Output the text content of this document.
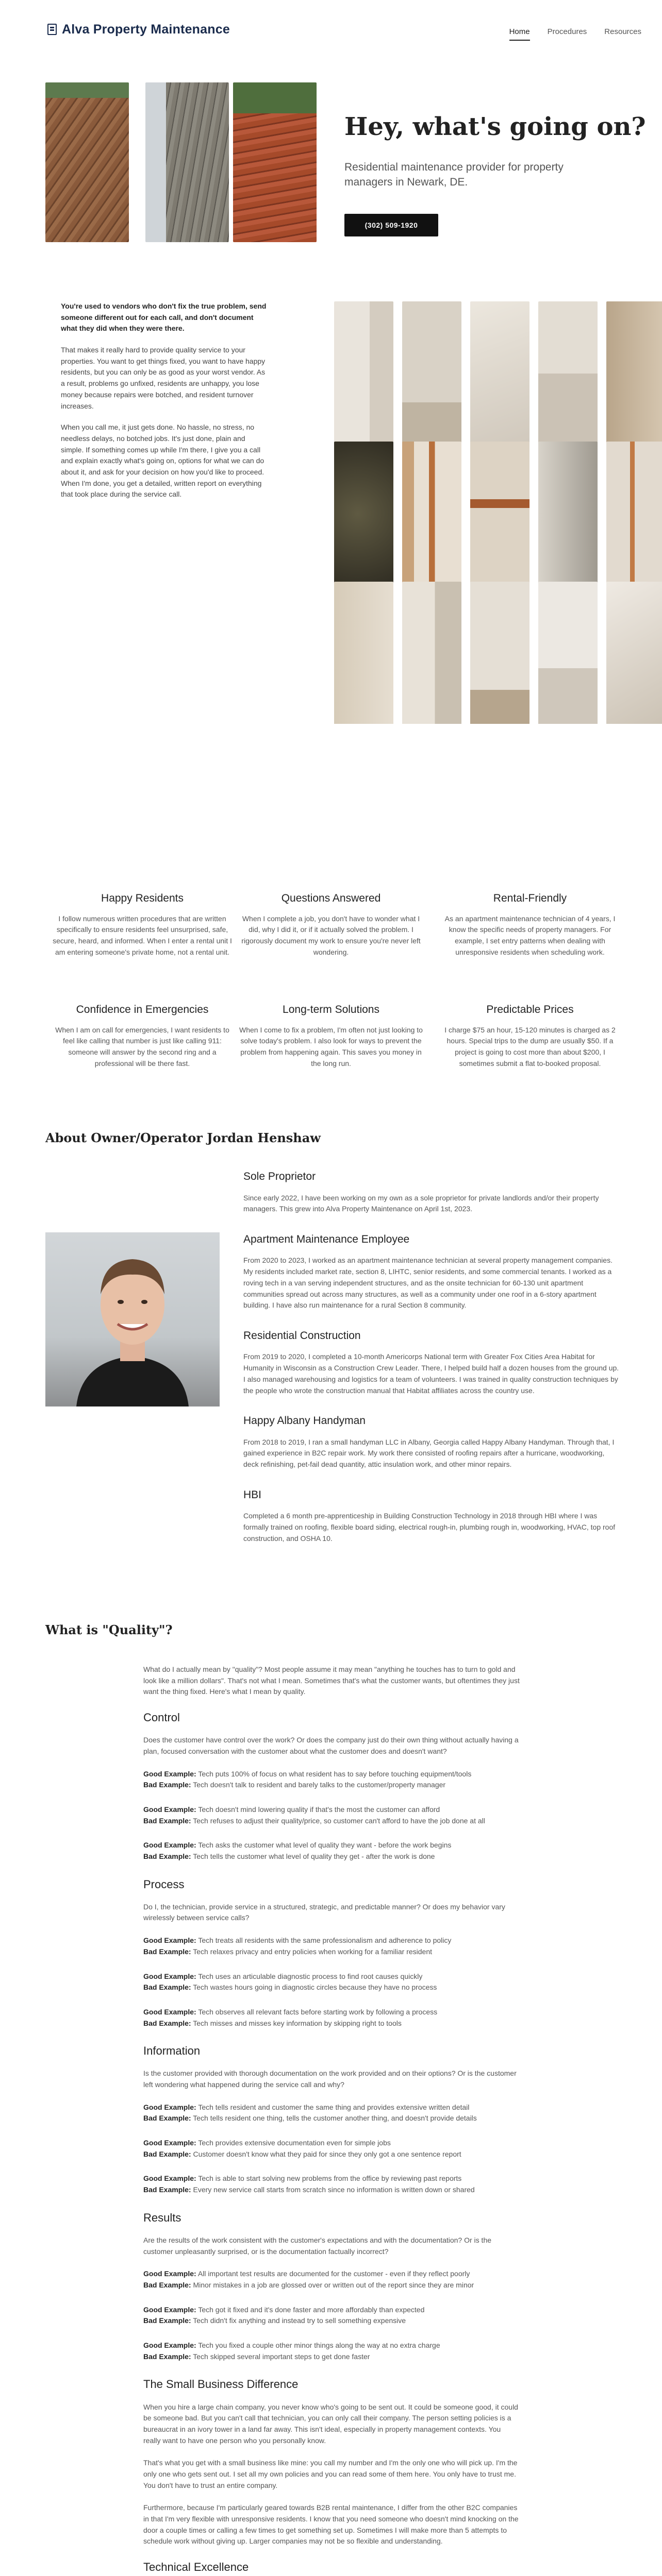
Alva Property Maintenance	Home Procedures Resources
Hey, what's going on?

Residential maintenance provider for property managers in Newark, DE.

(302) 509-1920

You're used to vendors who don't fix the true problem, send someone different out for each call, and don't document what they did when they were there.

That makes it really hard to provide quality service to your properties. You want to get things fixed, you want to have happy residents, but you can only be as good as your worst vendor. As a result, problems go unfixed, residents are unhappy, you lose money because repairs were botched, and resident turnover increases.

When you call me, it just gets done. No hassle, no stress, no needless delays, no botched jobs. It's just done, plain and simple. If something comes up while I'm there, I give you a call and explain exactly what's going on, options for what we can do about it, and ask for your decision on how you'd like to proceed. When I'm done, you get a detailed, written report on everything that took place during the service call.

Happy Residents

I follow numerous written procedures that are written specifically to ensure residents feel unsurprised, safe, secure, heard, and informed. When I enter a rental unit I am entering someone's private home, not a rental unit.

Questions Answered

When I complete a job, you don't have to wonder what I did, why I did it, or if it actually solved the problem. I rigorously document my work to ensure you're never left wondering.

Rental-Friendly

As an apartment maintenance technician of 4 years, I know the specific needs of property managers. For example, I set entry patterns when dealing with unresponsive residents when scheduling work.

Confidence in Emergencies

When I am on call for emergencies, I want residents to feel like calling that number is just like calling 911: someone will answer by the second ring and a professional will be there fast.

Long-term Solutions

When I come to fix a problem, I'm often not just looking to solve today's problem. I also look for ways to prevent the problem from happening again. This saves you money in the long run.

Predictable Prices

I charge $75 an hour, 15-120 minutes is charged as 2 hours. Special trips to the dump are usually $50. If a project is going to cost more than about $200, I sometimes submit a flat to-booked proposal.

About Owner/Operator Jordan Henshaw
Sole Proprietor

Since early 2022, I have been working on my own as a sole proprietor for private landlords and/or their property managers. This grew into Alva Property Maintenance on April 1st, 2023.

Apartment Maintenance Employee

From 2020 to 2023, I worked as an apartment maintenance technician at several property management companies. My residents included market rate, section 8, LIHTC, senior residents, and some commercial tenants. I worked as a roving tech in a van serving independent structures, and as the onsite technician for 60-130 unit apartment communities spread out across many structures, as well as a community under one roof in a 6-story apartment building. I have also run maintenance for a rural Section 8 community.

Residential Construction

From 2019 to 2020, I completed a 10-month Americorps National term with Greater Fox Cities Area Habitat for Humanity in Wisconsin as a Construction Crew Leader. There, I helped build half a dozen houses from the ground up. I also managed warehousing and logistics for a team of volunteers. I was trained in quality construction techniques by the people who wrote the construction manual that Habitat affiliates across the country use.

Happy Albany Handyman

From 2018 to 2019, I ran a small handyman LLC in Albany, Georgia called Happy Albany Handyman. Through that, I gained experience in B2C repair work. My work there consisted of roofing repairs after a hurricane, woodworking, deck refinishing, pet-fail dead quantity, attic insulation work, and other minor repairs.

HBI

Completed a 6 month pre-apprenticeship in Building Construction Technology in 2018 through HBI where I was formally trained on roofing, flexible board siding, electrical rough-in, plumbing rough in, woodworking, HVAC, top roof construction, and OSHA 10.

What is "Quality"?

What do I actually mean by "quality"? Most people assume it may mean "anything he touches has to turn to gold and look like a million dollars". That's not what I mean. Sometimes that's what the customer wants, but oftentimes they just want the thing fixed. Here's what I mean by quality.

Control

Does the customer have control over the work? Or does the company just do their own thing without actually having a plan, focused conversation with the customer about what the customer does and doesn't want?

Good Example: Tech puts 100% of focus on what resident has to say before touching equipment/tools
Bad Example: Tech doesn't talk to resident and barely talks to the customer/property manager
Good Example: Tech doesn't mind lowering quality if that's the most the customer can afford
Bad Example: Tech refuses to adjust their quality/price, so customer can't afford to have the job done at all
Good Example: Tech asks the customer what level of quality they want - before the work begins
Bad Example: Tech tells the customer what level of quality they get - after the work is done
Process

Do I, the technician, provide service in a structured, strategic, and predictable manner? Or does my behavior vary wirelessly between service calls?

Good Example: Tech treats all residents with the same professionalism and adherence to policy
Bad Example: Tech relaxes privacy and entry policies when working for a familiar resident
Good Example: Tech uses an articulable diagnostic process to find root causes quickly
Bad Example: Tech wastes hours going in diagnostic circles because they have no process
Good Example: Tech observes all relevant facts before starting work by following a process
Bad Example: Tech misses and misses key information by skipping right to tools
Information

Is the customer provided with thorough documentation on the work provided and on their options? Or is the customer left wondering what happened during the service call and why?

Good Example: Tech tells resident and customer the same thing and provides extensive written detail
Bad Example: Tech tells resident one thing, tells the customer another thing, and doesn't provide details
Good Example: Tech provides extensive documentation even for simple jobs
Bad Example: Customer doesn't know what they paid for since they only got a one sentence report
Good Example: Tech is able to start solving new problems from the office by reviewing past reports
Bad Example: Every new service call starts from scratch since no information is written down or shared
Results

Are the results of the work consistent with the customer's expectations and with the documentation? Or is the customer unpleasantly surprised, or is the documentation factually incorrect?

Good Example: All important test results are documented for the customer - even if they reflect poorly
Bad Example: Minor mistakes in a job are glossed over or written out of the report since they are minor
Good Example: Tech got it fixed and it's done faster and more affordably than expected
Bad Example: Tech didn't fix anything and instead try to sell something expensive
Good Example: Tech you fixed a couple other minor things along the way at no extra charge
Bad Example: Tech skipped several important steps to get done faster
The Small Business Difference

When you hire a large chain company, you never know who's going to be sent out. It could be someone good, it could be someone bad. But you can't call that technician, you can only call their company. The person setting policies is a bureaucrat in an ivory tower in a land far away. This isn't ideal, especially in property management contexts. You really want to have one person who you personally know.

That's what you get with a small business like mine: you call my number and I'm the only one who will pick up. I'm the only one who gets sent out. I set all my own policies and you can read some of them here. You only have to trust me. You don't have to trust an entire company.

Furthermore, because I'm particularly geared towards B2B rental maintenance, I differ from the other B2C companies in that I'm very flexible with unresponsive residents. I know that you need someone who doesn't mind knocking on the door a couple times or calling a few times to get something set up. Sometimes I will make more than 5 attempts to schedule work without giving up. Larger companies may not be so flexible and understanding.

Technical Excellence
